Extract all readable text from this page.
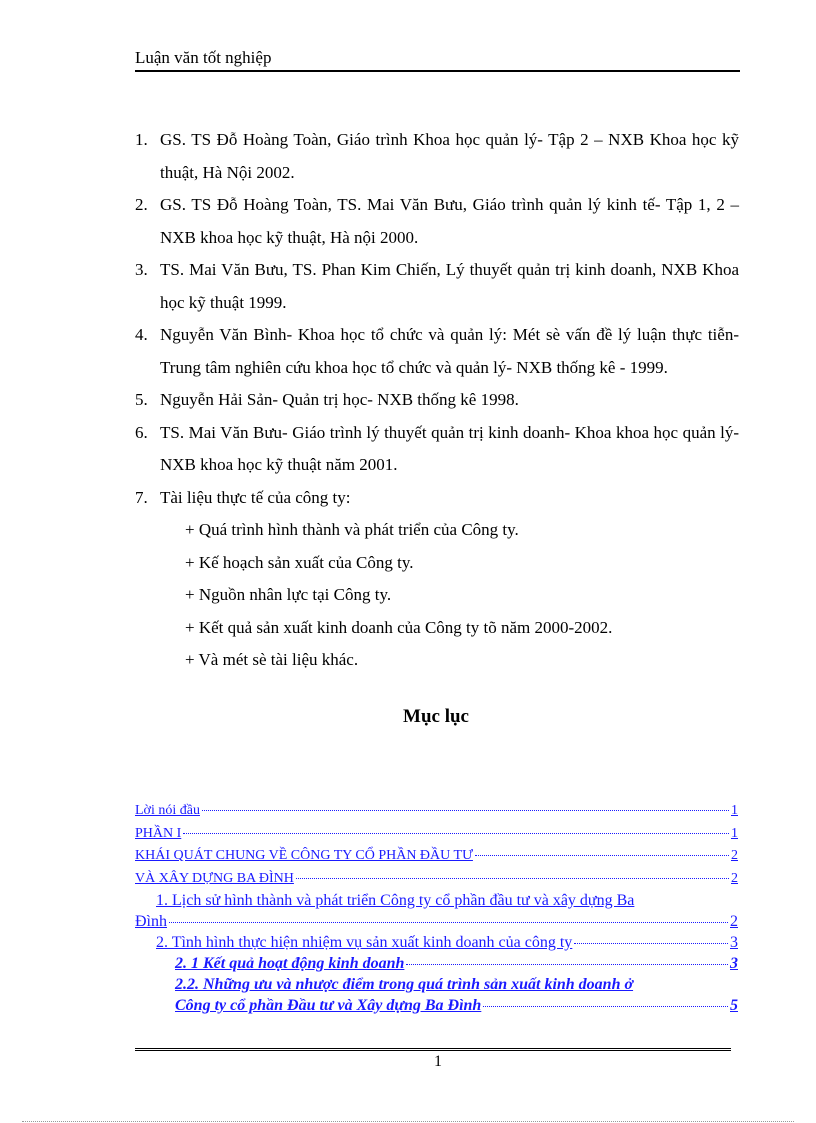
Luận văn tốt nghiệp
1. GS. TS Đỗ Hoàng Toàn, Giáo trình Khoa học quản lý- Tập 2 – NXB Khoa học kỹ thuật, Hà Nội 2002.
2. GS. TS Đỗ Hoàng Toàn, TS. Mai Văn Bưu, Giáo trình quản lý kinh tế- Tập 1, 2 – NXB khoa học kỹ thuật, Hà nội 2000.
3. TS. Mai Văn Bưu, TS. Phan Kim Chiến, Lý thuyết quản trị kinh doanh, NXB Khoa học kỹ thuật 1999.
4. Nguyễn Văn Bình- Khoa học tổ chức và quản lý: Mét sè vấn đề lý luận thực tiễn- Trung tâm nghiên cứu khoa học tổ chức và quản lý- NXB thống kê - 1999.
5. Nguyễn Hải Sản- Quản trị học- NXB thống kê 1998.
6. TS. Mai Văn Bưu- Giáo trình lý thuyết quản trị kinh doanh- Khoa khoa học quản lý- NXB khoa học kỹ thuật năm 2001.
7. Tài liệu thực tế của công ty:
+ Quá trình hình thành và phát triển của Công ty.
+ Kế hoạch sản xuất của Công ty.
+ Nguồn nhân lực tại Công ty.
+ Kết quả sản xuất kinh doanh của Công ty tõ năm 2000-2002.
+ Và mét sè tài liệu khác.
Mục lục
Lời nói đầu	1
PHẦN I	1
KHÁI QUÁT CHUNG VỀ CÔNG TY CỔ PHẦN ĐẦU TƯ	2
VÀ XÂY DỰNG BA ĐÌNH	2
1. Lịch sử hình thành và phát triển Công ty cổ phần đầu tư và xây dựng Ba
Đình	2
2. Tình hình thực hiện nhiệm vụ sản xuất kinh doanh của công ty	3
2. 1 Kết quả hoạt động kinh doanh	3
2.2. Những ưu và nhược điểm trong quá trình sản xuất kinh doanh ở
Công ty cổ phần Đầu tư và Xây dựng Ba Đình	5
1
